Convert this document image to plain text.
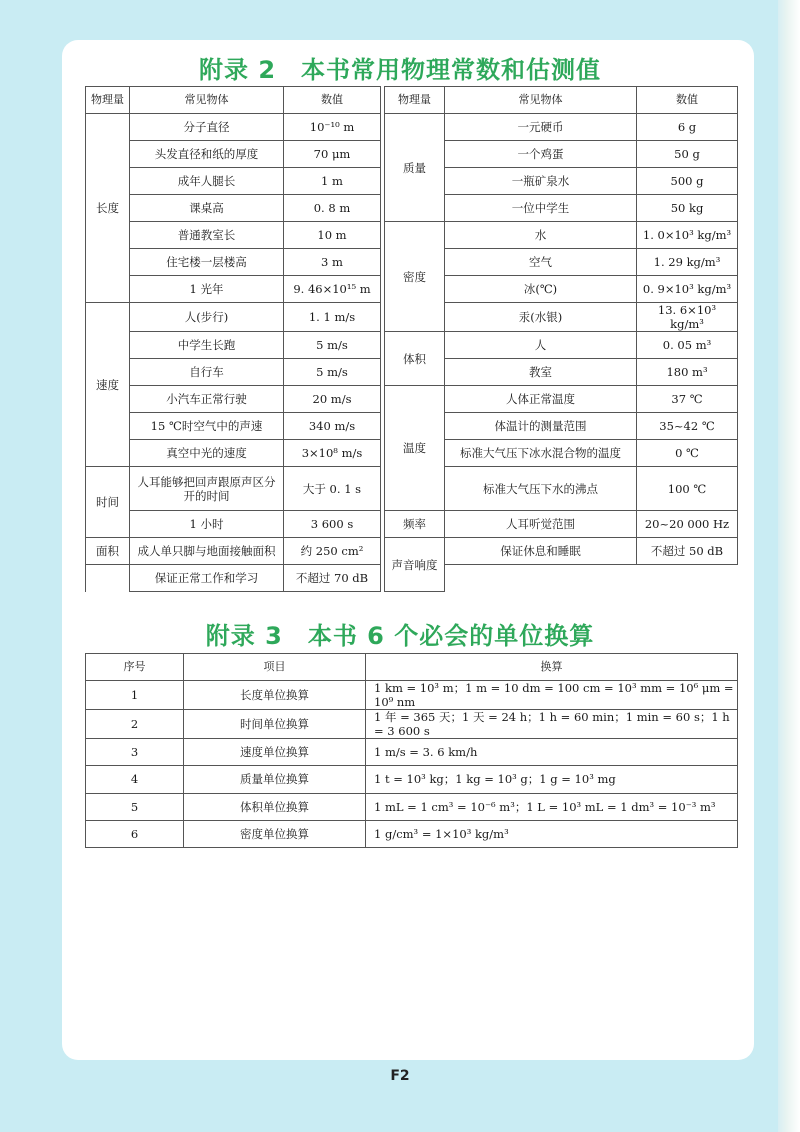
附录 2　本书常用物理常数和估测值
物理量	常见物体	数值		物理量	常见物体	数值
长度	分子直径	10⁻¹⁰ m		质量	一元硬币	6 g
	头发直径和纸的厚度	70 μm			一个鸡蛋	50 g
	成年人腿长	1 m			一瓶矿泉水	500 g
	课桌高	0. 8 m			一位中学生	50 kg
	普通教室长	10 m		密度	水	1. 0×10³ kg/m³
	住宅楼一层楼高	3 m			空气	1. 29 kg/m³
	1 光年	9. 46×10¹⁵ m			冰(℃)	0. 9×10³ kg/m³
速度	人(步行)	1. 1 m/s			汞(水银)	13. 6×10³ kg/m³
	中学生长跑	5 m/s		体积	人	0. 05 m³
	自行车	5 m/s			教室	180 m³
	小汽车正常行驶	20 m/s		温度	人体正常温度	37 ℃
	15 ℃时空气中的声速	340 m/s			体温计的测量范围	35~42 ℃
	真空中光的速度	3×10⁸ m/s			标准大气压下冰水混合物的温度	0 ℃
时间	人耳能够把回声跟原声区分开的时间	大于 0. 1 s			标准大气压下水的沸点	100 ℃
	1 小时	3 600 s		频率	人耳听觉范围	20~20 000 Hz
面积	成人单只脚与地面接触面积	约 250 cm²		声音响度	保证休息和睡眠	不超过 50 dB
	保证正常工作和学习	不超过 70 dB				
附录 3　本书 6 个必会的单位换算
序号	项目	换算
1	长度单位换算	1 km = 10³ m；1 m = 10 dm = 100 cm = 10³ mm = 10⁶ μm = 10⁹ nm
2	时间单位换算	1 年 = 365 天；1 天 = 24 h；1 h = 60 min；1 min = 60 s；1 h = 3 600 s
3	速度单位换算	1 m/s = 3. 6 km/h
4	质量单位换算	1 t = 10³ kg；1 kg = 10³ g；1 g = 10³ mg
5	体积单位换算	1 mL = 1 cm³ = 10⁻⁶ m³；1 L = 10³ mL = 1 dm³ = 10⁻³ m³
6	密度单位换算	1 g/cm³ = 1×10³ kg/m³
F2
